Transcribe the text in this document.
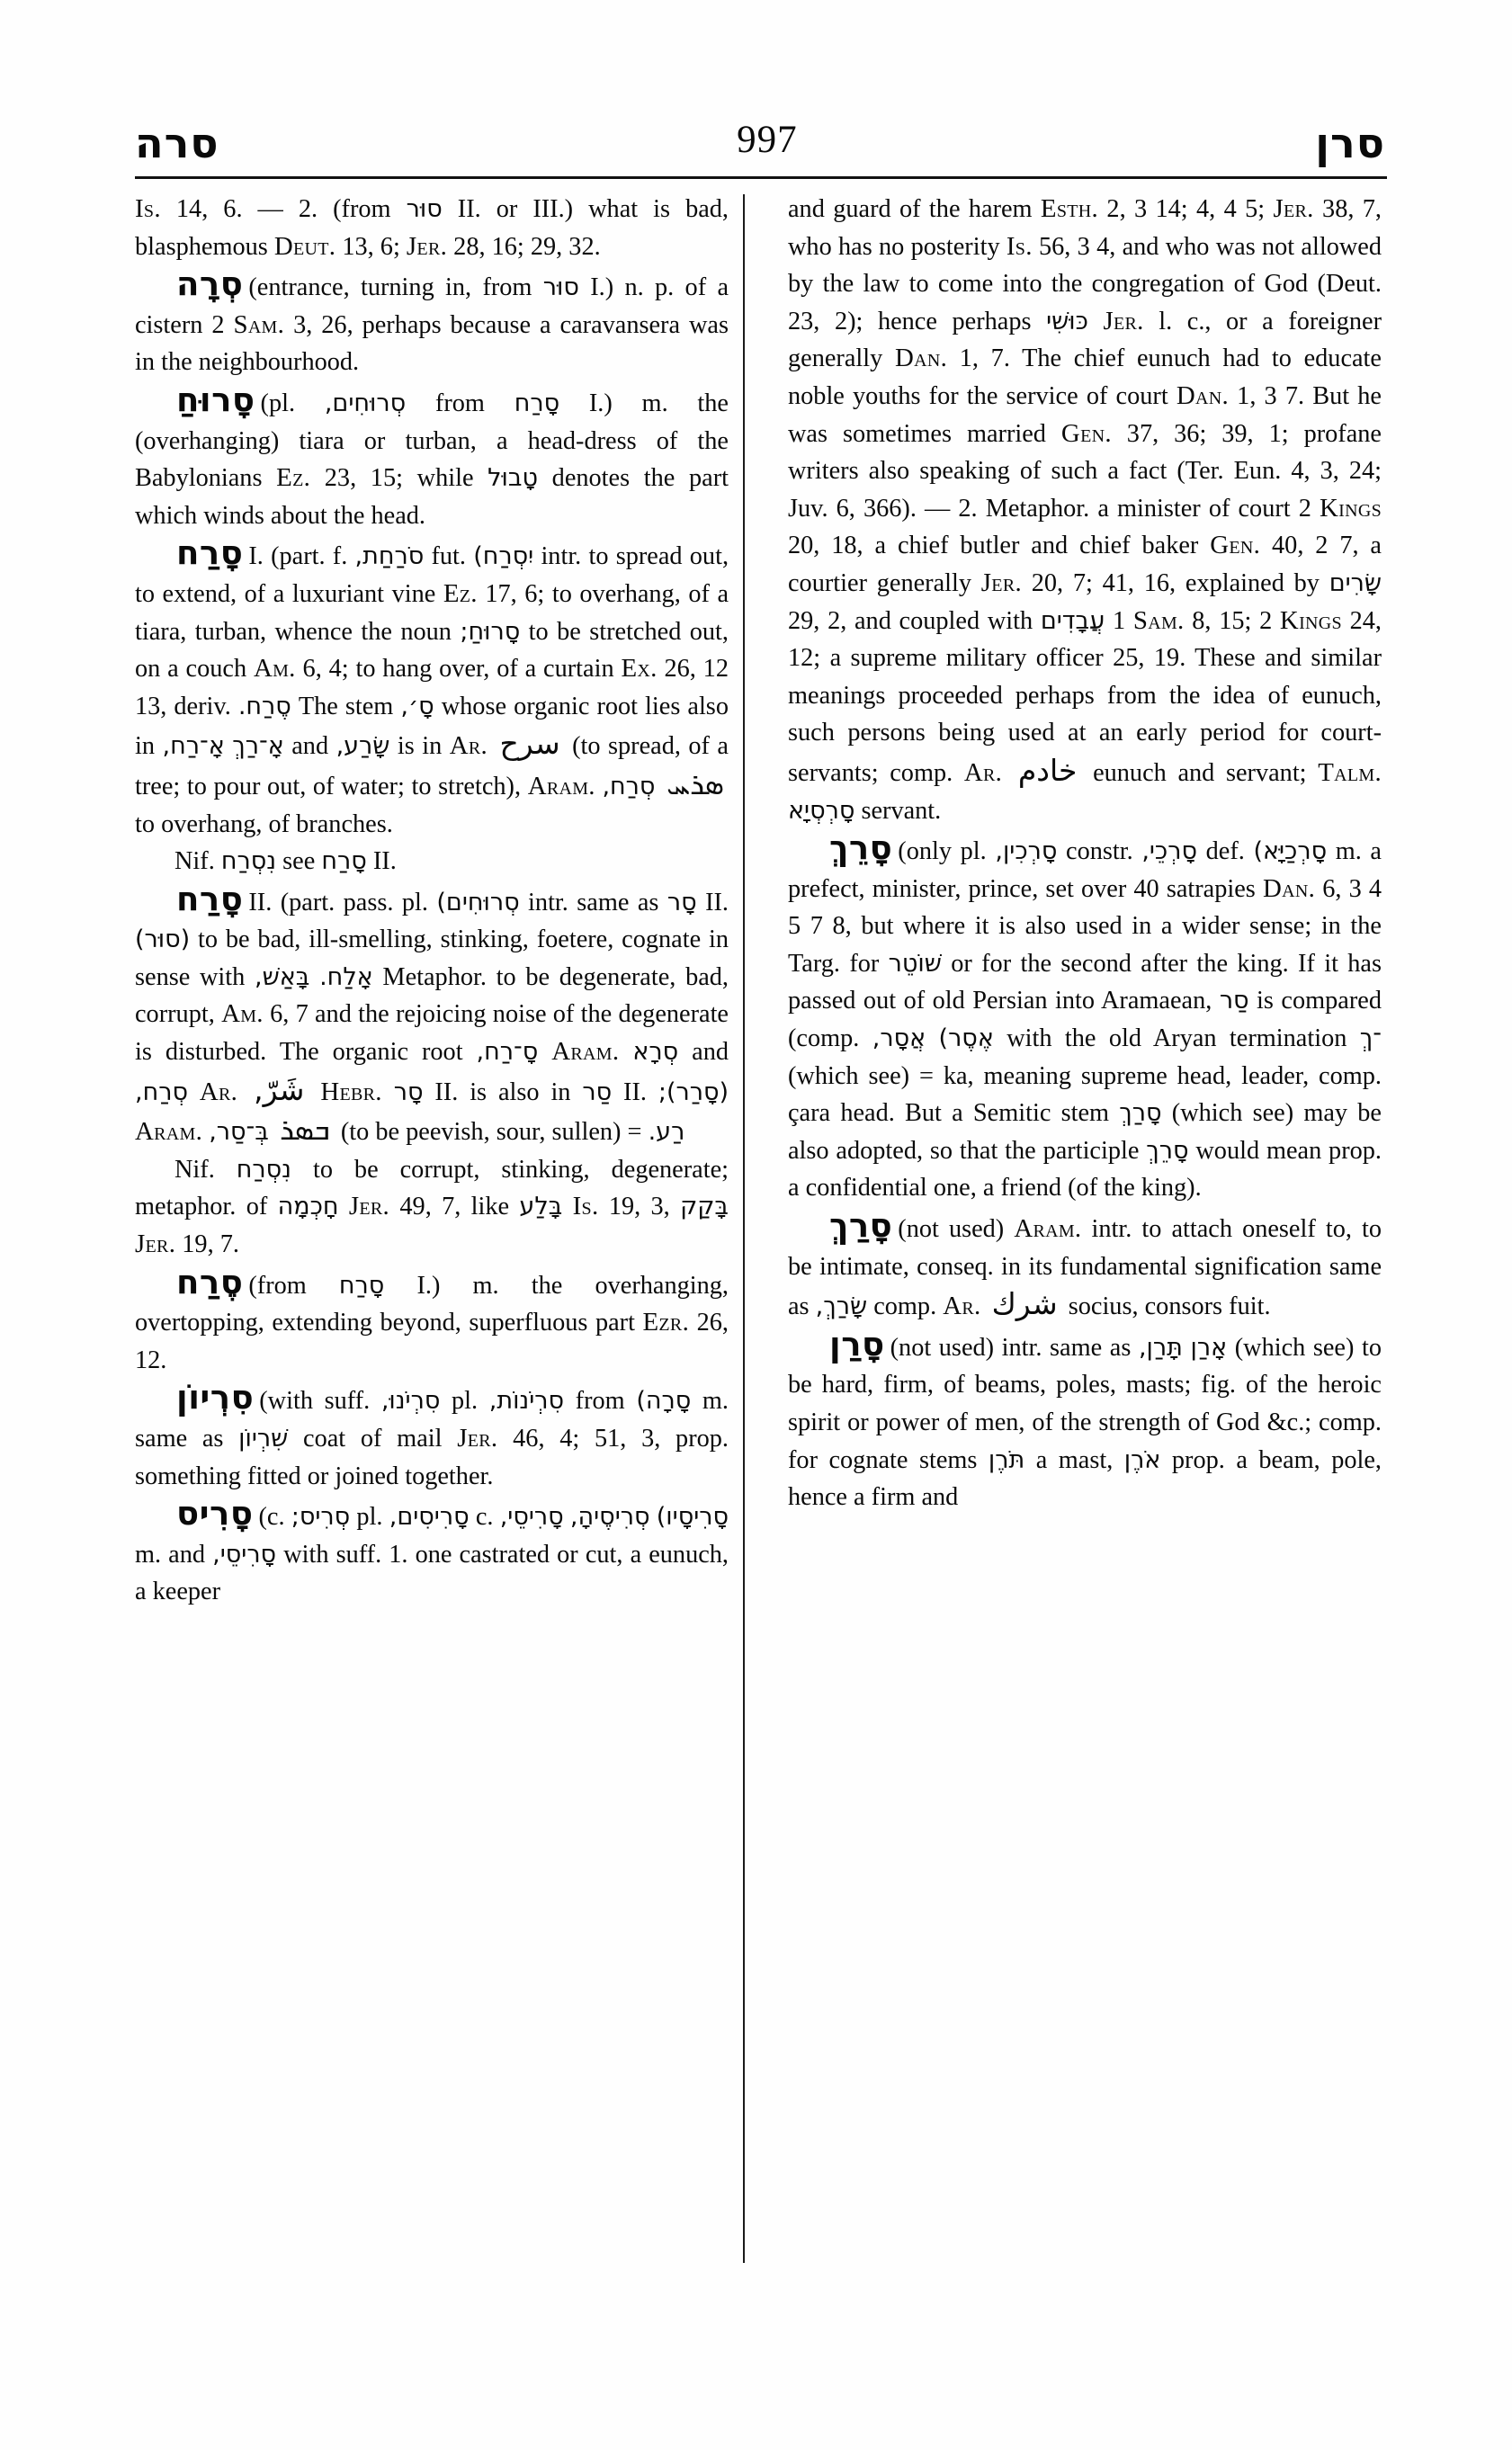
סרה	997	סרן

Is. 14, 6. — 2. (from סוּר II. or III.) what is bad, blasphemous Deut. 13, 6; Jer. 28, 16; 29, 32.

סְרָה (entrance, turning in, from סוּר I.) n. p. of a cistern 2 Sam. 3, 26, perhaps because a caravansera was in the neighbourhood.

סָרוּחַ (pl. סְרוּחִים, from סָרַח I.) m. the (overhanging) tiara or turban, a head-dress of the Babylonians Ez. 23, 15; while טָבוּל denotes the part which winds about the head.

סָרַח I. (part. f. סֹרַחַת, fut. יִסְרַח) intr. to spread out, to extend, of a luxuriant vine Ez. 17, 6; to overhang, of a tiara, turban, whence the noun סָרוּחַ; to be stretched out, on a couch Am. 6, 4; to hang over, of a curtain Ex. 26, 12 13, deriv. סֶרַח. The stem סָ׳, whose organic root lies also in אָ־רַח, אָ־רַךְ and שָׂרַע, is in Ar. سرح (to spread, of a tree; to pour out, of water; to stretch), Aram. סְרַח, ܣܪܚ to overhang, of branches.

Nif. נִסְרַח see סָרַח II.

סָרַח II. (part. pass. pl. סְרוּחִים) intr. same as סָר II. (סוּר) to be bad, ill-smelling, stinking, foetere, cognate in sense with בָּאַשׁ, אָלַח. Metaphor. to be degenerate, bad, corrupt, Am. 6, 7 and the rejoicing noise of the degenerate is disturbed. The organic root סָ־רַח, Aram. סְרָא and סְרַח, Ar. شَرّ, Hebr. סָר II. is also in סַר II. (סָרַר); Aram. בְּ־סַר, ܒܣܪ (to be peevish, sour, sullen) = רַע.

Nif. נִסְרַח to be corrupt, stinking, degenerate; metaphor. of חָכְמָה Jer. 49, 7, like בָּלַע Is. 19, 3, בָּקַק Jer. 19, 7.

סֶרַח (from סָרַח I.) m. the overhanging, overtopping, extending beyond, superfluous part Ezr. 26, 12.

סִרְיוֹן (with suff. סִרְיֹנוּ, pl. סִרְיֹנוֹת, from סָרָה) m. same as שִׁרְיוֹן coat of mail Jer. 46, 4; 51, 3, prop. something fitted or joined together.

סָרִיס (c. סְרִיס; pl. סָרִיסִים, c. סָרִיסֵי, סְרִיסֶיהָ, סָרִיסָיו) m. and סָרִיסֵי, with suff. 1. one castrated or cut, a eunuch, a keeper

and guard of the harem Esth. 2, 3 14; 4, 4 5; Jer. 38, 7, who has no posterity Is. 56, 3 4, and who was not allowed by the law to come into the congregation of God (Deut. 23, 2); hence perhaps כּוּשִׁי Jer. l. c., or a foreigner generally Dan. 1, 7. The chief eunuch had to educate noble youths for the service of court Dan. 1, 3 7. But he was sometimes married Gen. 37, 36; 39, 1; profane writers also speaking of such a fact (Ter. Eun. 4, 3, 24; Juv. 6, 366). — 2. Metaphor. a minister of court 2 Kings 20, 18, a chief butler and chief baker Gen. 40, 2 7, a courtier generally Jer. 20, 7; 41, 16, explained by שָׂרִים 29, 2, and coupled with עֲבָדִים 1 Sam. 8, 15; 2 Kings 24, 12; a supreme military officer 25, 19. These and similar meanings proceeded perhaps from the idea of eunuch, such persons being used at an early period for court-servants; comp. Ar. خادم eunuch and servant; Talm. סָרְסְיָא servant.

סָרֵךְ (only pl. סָרְכִין, constr. סָרְכֵי, def. סָרְכַיָּא) m. a prefect, minister, prince, set over 40 satrapies Dan. 6, 3 4 5 7 8, but where it is also used in a wider sense; in the Targ. for שׁוֹטֵר or for the second after the king. If it has passed out of old Persian into Aramaean, סַר is compared (comp. אֲסָר, אֶסֶר) with the old Aryan termination ־ךְ (which see) = ka, meaning supreme head, leader, comp. çara head. But a Semitic stem סָרַךְ (which see) may be also adopted, so that the participle סָרֵךְ would mean prop. a confidential one, a friend (of the king).

סָרַךְ (not used) Aram. intr. to attach oneself to, to be intimate, conseq. in its fundamental signification same as שָׂרַךְ, comp. Ar. شرك socius, consors fuit.

סָרַן (not used) intr. same as תָּרַן, אָרַן (which see) to be hard, firm, of beams, poles, masts; fig. of the heroic spirit or power of men, of the strength of God &c.; comp. for cognate stems תֹּרֶן a mast, אֹרֶן prop. a beam, pole, hence a firm and
